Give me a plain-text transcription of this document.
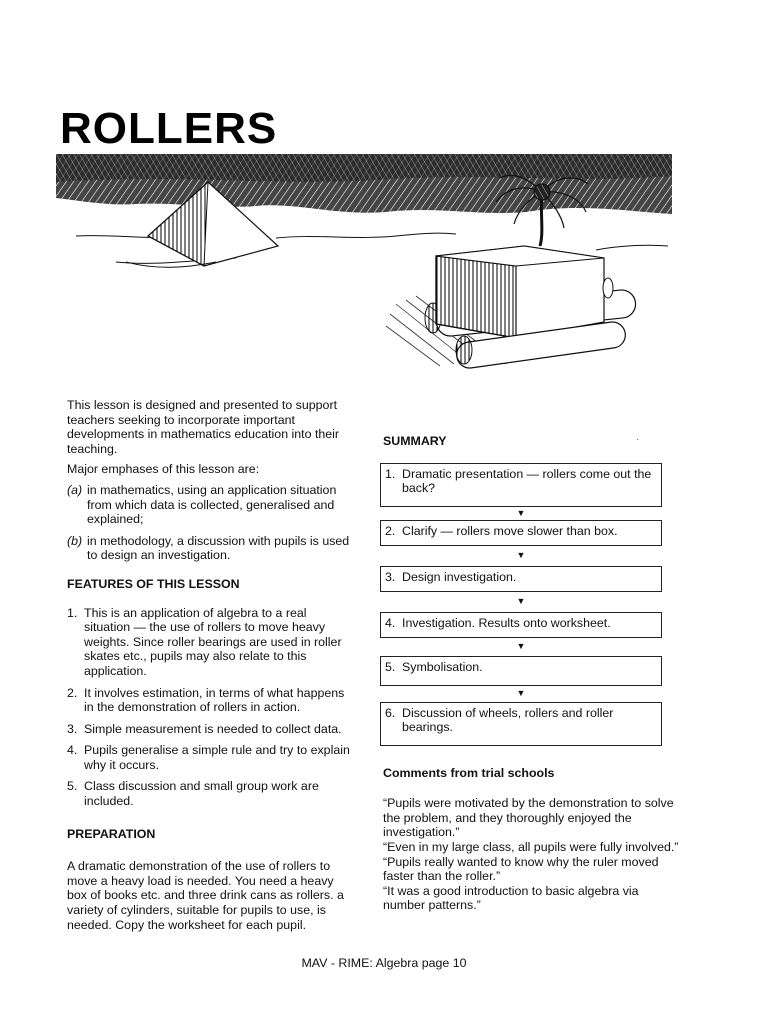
ROLLERS

This lesson is designed and presented to support teachers seeking to incorporate important developments in mathematics education into their teaching.

Major emphases of this lesson are:

(a) in mathematics, using an application situation from which data is collected, generalised and explained;
(b) in methodology, a discussion with pupils is used to design an investigation.
FEATURES OF THIS LESSON
1. This is an application of algebra to a real situation — the use of rollers to move heavy weights. Since roller bearings are used in roller skates etc., pupils may also relate to this application.
2. It involves estimation, in terms of what happens in the demonstration of rollers in action.
3. Simple measurement is needed to collect data.
4. Pupils generalise a simple rule and try to explain why it occurs.
5. Class discussion and small group work are included.
PREPARATION

A dramatic demonstration of the use of rollers to move a heavy load is needed. You need a heavy box of books etc. and three drink cans as rollers. a variety of cylinders, suitable for pupils to use, is needed. Copy the worksheet for each pupil.

·
SUMMARY
1. Dramatic presentation — rollers come out the back?
▼
2. Clarify — rollers move slower than box.
▼
3. Design investigation.
▼
4. Investigation. Results onto worksheet.
▼
5. Symbolisation.
▼
6. Discussion of wheels, rollers and roller bearings.
Comments from trial schools

“Pupils were motivated by the demonstration to solve the problem, and they thoroughly enjoyed the investigation.”

“Even in my large class, all pupils were fully involved.”

“Pupils really wanted to know why the ruler moved faster than the roller.”

“It was a good introduction to basic algebra via number patterns.”

MAV - RIME: Algebra page 10
